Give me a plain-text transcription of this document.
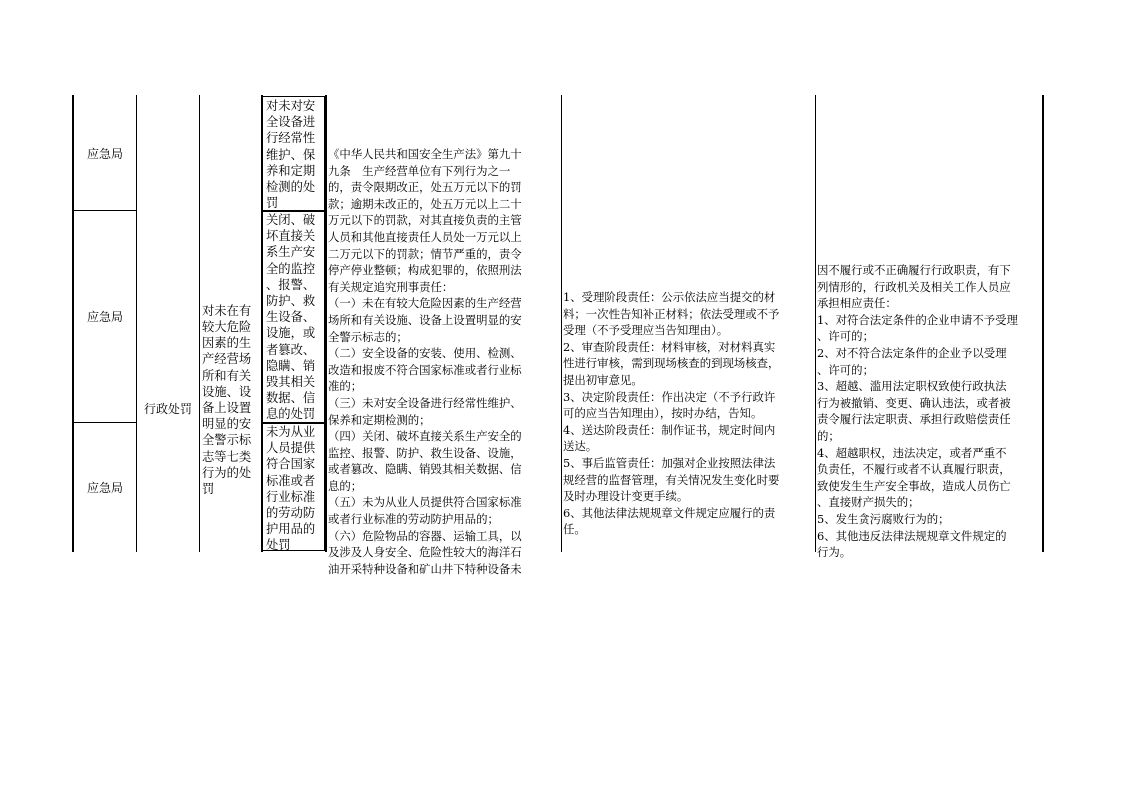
应急局
应急局
应急局
行政处罚
对未在有
较大危险
因素的生
产经营场
所和有关
设施、设
备上设置
明显的安
全警示标
志等七类
行为的处
罚
对未对安
全设备进
行经常性
维护、保
养和定期
检测的处
罚
关闭、破
坏直接关
系生产安
全的监控
、报警、
防护、救
生设备、
设施，或
者篡改、
隐瞒、销
毁其相关
数据、信
息的处罚
未为从业
人员提供
符合国家
标准或者
行业标准
的劳动防
护用品的
处罚
《中华人民共和国安全生产法》第九十
九条　生产经营单位有下列行为之一
的，责令限期改正，处五万元以下的罚
款；逾期未改正的，处五万元以上二十
万元以下的罚款，对其直接负责的主管
人员和其他直接责任人员处一万元以上
二万元以下的罚款；情节严重的，责令
停产停业整顿；构成犯罪的，依照刑法
有关规定追究刑事责任：
（一）未在有较大危险因素的生产经营
场所和有关设施、设备上设置明显的安
全警示标志的；
（二）安全设备的安装、使用、检测、
改造和报废不符合国家标准或者行业标
准的；
（三）未对安全设备进行经常性维护、
保养和定期检测的；
（四）关闭、破坏直接关系生产安全的
监控、报警、防护、救生设备、设施，
或者篡改、隐瞒、销毁其相关数据、信
息的；
（五）未为从业人员提供符合国家标准
或者行业标准的劳动防护用品的；
（六）危险物品的容器、运输工具，以
及涉及人身安全、危险性较大的海洋石
油开采特种设备和矿山井下特种设备未
1、受理阶段责任：公示依法应当提交的材
料；一次性告知补正材料；依法受理或不予
受理（不予受理应当告知理由）。
2、审查阶段责任：材料审核，对材料真实
性进行审核，需到现场核查的到现场核查，
提出初审意见。
3、决定阶段责任：作出决定（不予行政许
可的应当告知理由），按时办结，告知。
4、送达阶段责任：制作证书，规定时间内
送达。
5、事后监管责任：加强对企业按照法律法
规经营的监督管理，有关情况发生变化时要
及时办理设计变更手续。
6、其他法律法规规章文件规定应履行的责
任。
因不履行或不正确履行行政职责，有下
列情形的，行政机关及相关工作人员应
承担相应责任：
1、对符合法定条件的企业申请不予受理
、许可的；
2、对不符合法定条件的企业予以受理
、许可的；
3、超越、滥用法定职权致使行政执法
行为被撤销、变更、确认违法，或者被
责令履行法定职责、承担行政赔偿责任
的；
4、超越职权，违法决定，或者严重不
负责任，不履行或者不认真履行职责，
致使发生生产安全事故，造成人员伤亡
、直接财产损失的；
5、发生贪污腐败行为的；
6、其他违反法律法规规章文件规定的
行为。
